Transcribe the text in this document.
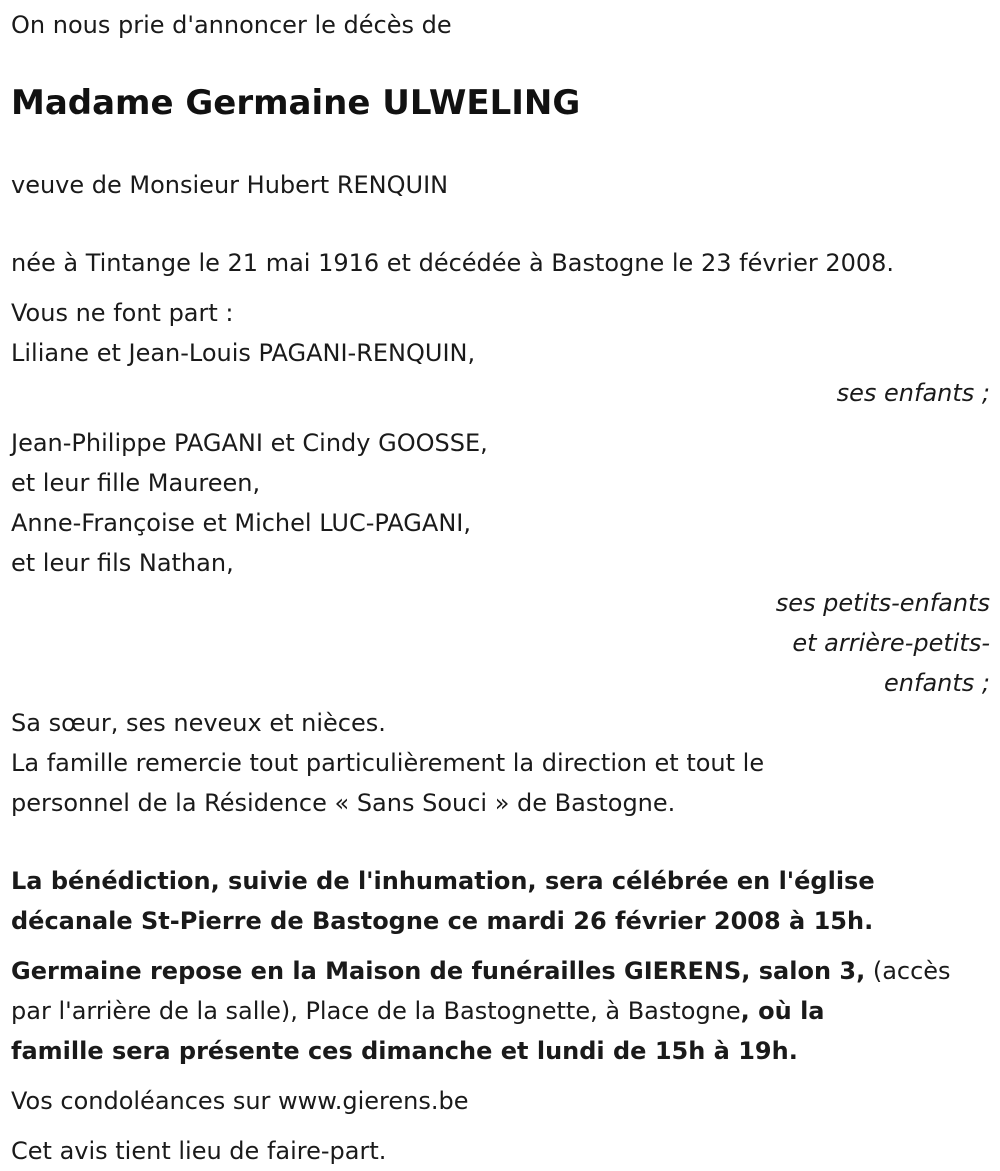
On nous prie d'annoncer le décès de

Madame Germaine ULWELING

veuve de Monsieur Hubert RENQUIN

née à Tintange le 21 mai 1916 et décédée à Bastogne le 23 février 2008.

Vous ne font part :

Liliane et Jean-Louis PAGANI-RENQUIN,

ses enfants ;

Jean-Philippe PAGANI et Cindy GOOSSE,

et leur fille Maureen,

Anne-Françoise et Michel LUC-PAGANI,

et leur fils Nathan,

ses petits-enfants

et arrière-petits-

enfants ;

Sa sœur, ses neveux et nièces.

La famille remercie tout particulièrement la direction et tout le

personnel de la Résidence « Sans Souci » de Bastogne.

La bénédiction, suivie de l'inhumation, sera célébrée en l'église

décanale St-Pierre de Bastogne ce mardi 26 février 2008 à 15h.

Germaine repose en la Maison de funérailles GIERENS, salon 3, (accès

par l'arrière de la salle), Place de la Bastognette, à Bastogne, où la

famille sera présente ces dimanche et lundi de 15h à 19h.

Vos condoléances sur www.gierens.be

Cet avis tient lieu de faire-part.
